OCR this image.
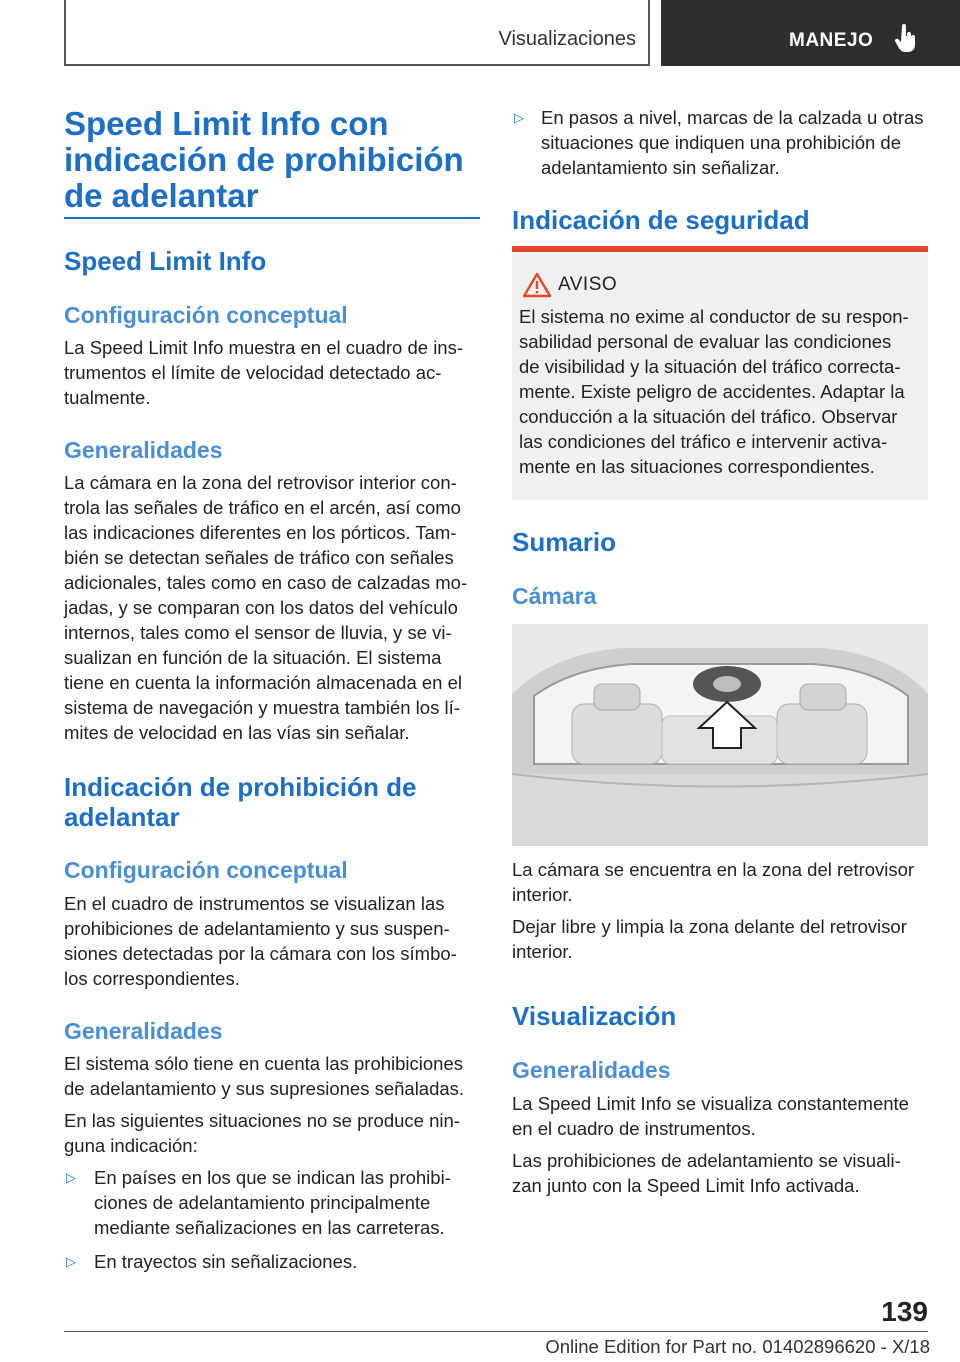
Visualizaciones	MANEJO
Speed Limit Info con
indicación de prohibición
de adelantar
Speed Limit Info
Configuración conceptual
La Speed Limit Info muestra en el cuadro de ins-
trumentos el límite de velocidad detectado ac-
tualmente.
Generalidades
La cámara en la zona del retrovisor interior con-
trola las señales de tráfico en el arcén, así como
las indicaciones diferentes en los pórticos. Tam-
bién se detectan señales de tráfico con señales
adicionales, tales como en caso de calzadas mo-
jadas, y se comparan con los datos del vehículo
internos, tales como el sensor de lluvia, y se vi-
sualizan en función de la situación. El sistema
tiene en cuenta la información almacenada en el
sistema de navegación y muestra también los lí-
mites de velocidad en las vías sin señalar.
Indicación de prohibición de
adelantar
Configuración conceptual
En el cuadro de instrumentos se visualizan las
prohibiciones de adelantamiento y sus suspen-
siones detectadas por la cámara con los símbo-
los correspondientes.
Generalidades
El sistema sólo tiene en cuenta las prohibiciones
de adelantamiento y sus supresiones señaladas.
En las siguientes situaciones no se produce nin-
guna indicación:
▷ En países en los que se indican las prohibi-
ciones de adelantamiento principalmente
mediante señalizaciones en las carreteras.
▷ En trayectos sin señalizaciones.
▷ En pasos a nivel, marcas de la calzada u otras
situaciones que indiquen una prohibición de
adelantamiento sin señalizar.
Indicación de seguridad
AVISO
El sistema no exime al conductor de su respon-
sabilidad personal de evaluar las condiciones
de visibilidad y la situación del tráfico correcta-
mente. Existe peligro de accidentes. Adaptar la
conducción a la situación del tráfico. Observar
las condiciones del tráfico e intervenir activa-
mente en las situaciones correspondientes.
Sumario
Cámara
La cámara se encuentra en la zona del retrovisor
interior.
Dejar libre y limpia la zona delante del retrovisor
interior.
Visualización
Generalidades
La Speed Limit Info se visualiza constantemente
en el cuadro de instrumentos.
Las prohibiciones de adelantamiento se visuali-
zan junto con la Speed Limit Info activada.
139
Online Edition for Part no. 01402896620 - X/18
